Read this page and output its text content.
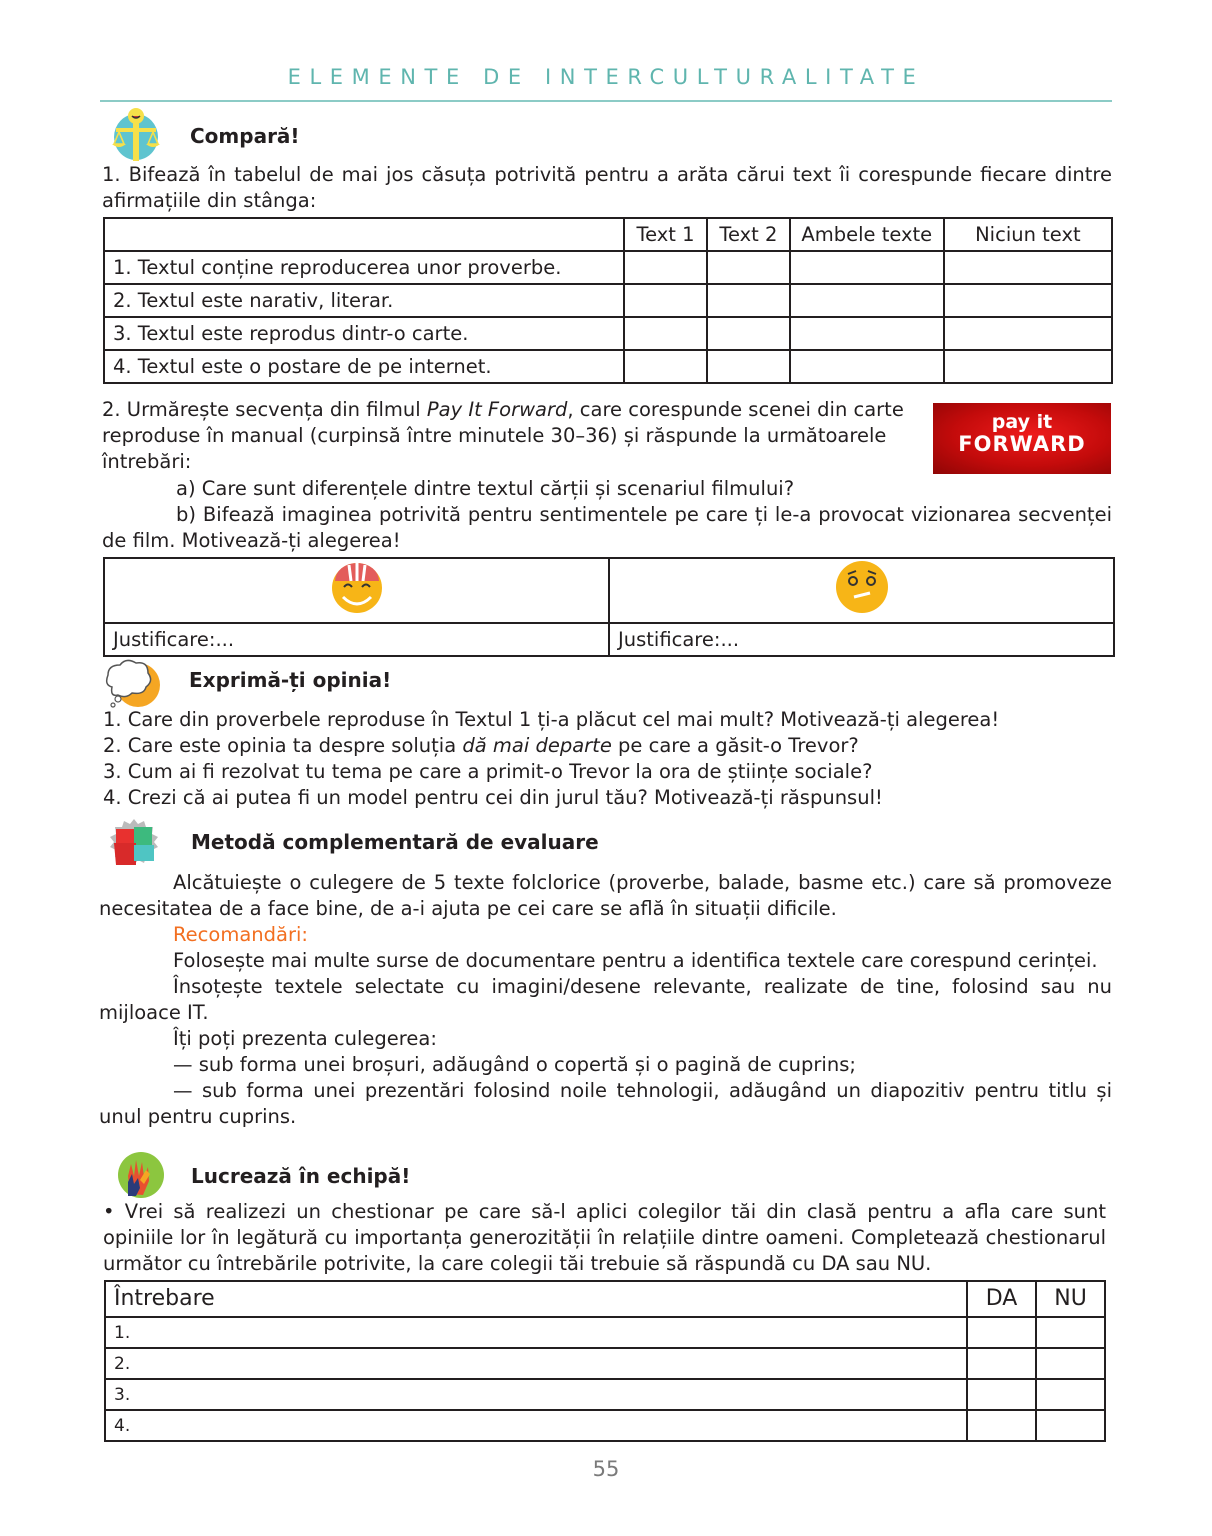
ELEMENTE DE INTERCULTURALITATE
Compară!
1. Bifează în tabelul de mai jos căsuța potrivită pentru a arăta cărui text îi corespunde fiecare dintre afirmațiile din stânga:
	Text 1	Text 2	Ambele texte	Niciun text
1. Textul conține reproducerea unor proverbe.				
2. Textul este narativ, literar.				
3. Textul este reprodus dintr-o carte.				
4. Textul este o postare de pe internet.				
2. Urmărește secvența din filmul Pay It Forward, care corespunde scenei din carte reproduse în manual (curpinsă între minutele 30–36) și răspunde la următoarele întrebări:
pay it
FORWARD
a) Care sunt diferențele dintre textul cărții și scenariul filmului?
b) Bifează imaginea potrivită pentru sentimentele pe care ți le-a provocat vizionarea secvenței de film. Motivează-ți alegerea!

Justificare:...	Justificare:...
Exprimă-ți opinia!
1. Care din proverbele reproduse în Textul 1 ți-a plăcut cel mai mult? Motivează-ți alegerea!
2. Care este opinia ta despre soluția dă mai departe pe care a găsit-o Trevor?
3. Cum ai fi rezolvat tu tema pe care a primit-o Trevor la ora de științe sociale?
4. Crezi că ai putea fi un model pentru cei din jurul tău? Motivează-ți răspunsul!
Metodă complementară de evaluare
Alcătuiește o culegere de 5 texte folclorice (proverbe, balade, basme etc.) care să promoveze necesitatea de a face bine, de a-i ajuta pe cei care se află în situații dificile.
Recomandări:
Folosește mai multe surse de documentare pentru a identifica textele care corespund cerinței.
Însoțește textele selectate cu imagini/desene relevante, realizate de tine, folosind sau nu mijloace IT.
Îți poți prezenta culegerea:
— sub forma unei broșuri, adăugând o copertă și o pagină de cuprins;
— sub forma unei prezentări folosind noile tehnologii, adăugând un diapozitiv pentru titlu și unul pentru cuprins.
Lucrează în echipă!
• Vrei să realizezi un chestionar pe care să-l aplici colegilor tăi din clasă pentru a afla care sunt opiniile lor în legătură cu importanța generozității în relațiile dintre oameni. Completează chestionarul următor cu întrebările potrivite, la care colegii tăi trebuie să răspundă cu DA sau NU.
Întrebare	DA	NU
1.		
2.		
3.		
4.		
55
